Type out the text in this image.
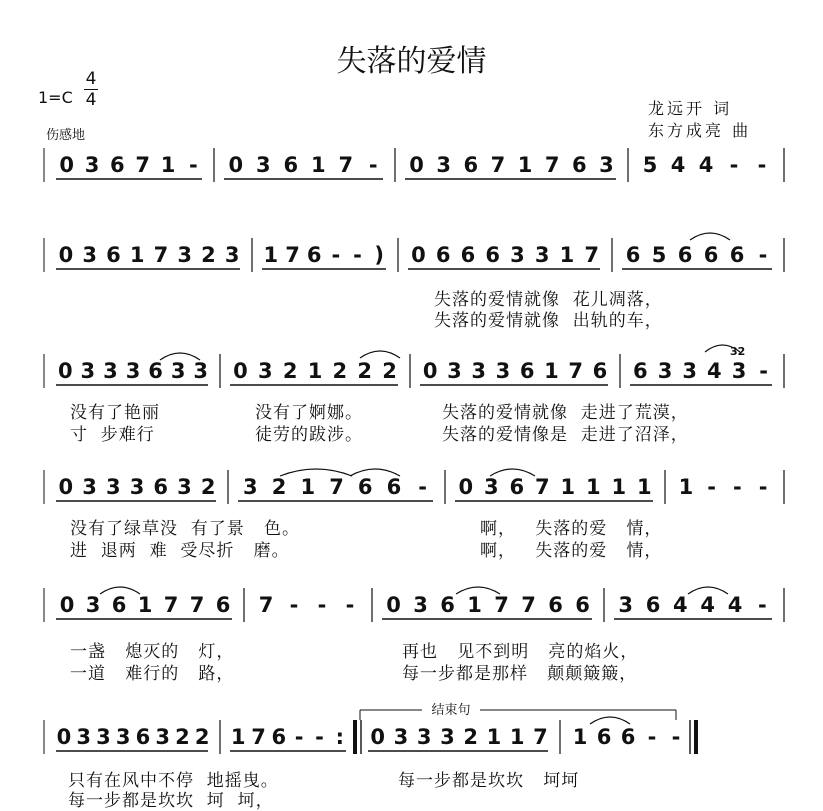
失落的爱情
1=C
4
4
伤感地
龙远开 词
东方成亮 曲
0 3 6 7 1 - 0 3 6 1 7 - 0 3 6 7 1 7 6 3 5 4 4 - -
0 3 6 1 7 3 2 3 1 7 6 - - ) 0 6 6 6 3 3 1 7 6 5 6 6 6 -
0 3 3 3 6 3 3 0 3 2 1 2 2 2 0 3 3 3 6 1 7 6 6 3 3 4 3 -
0 3 3 3 6 3 2 3 2 1 7 6 6 - 0 3 6 7 1 1 1 1 1 - - -
0 3 6 1 7 7 6 7 - - - 0 3 6 1 7 7 6 6 3 6 4 4 4 -
0 3 3 3 6 3 2 2 1 7 6 - - : 0 3 3 3 2 1 1 7 1 6 6 - -
结束句
32
失落的爱情就像  花儿凋落，
失落的爱情就像  出轨的车，
没有了艳丽	没有了婀娜。	失落的爱情就像  走进了荒漠，
寸  步难行	徒劳的跋涉。	失落的爱情像是  走进了沼泽，
没有了绿草没  有了景   色。	啊，   失落的爱   情，
进  退两  难  受尽折   磨。	啊，   失落的爱   情，
一盏   熄灭的   灯，	再也   见不到明   亮的焰火，
一道   难行的   路，	每一步都是那样   颠颠簸簸，
只有在风中不停  地摇曳。	每一步都是坎坎   坷坷
每一步都是坎坎  坷  坷，
